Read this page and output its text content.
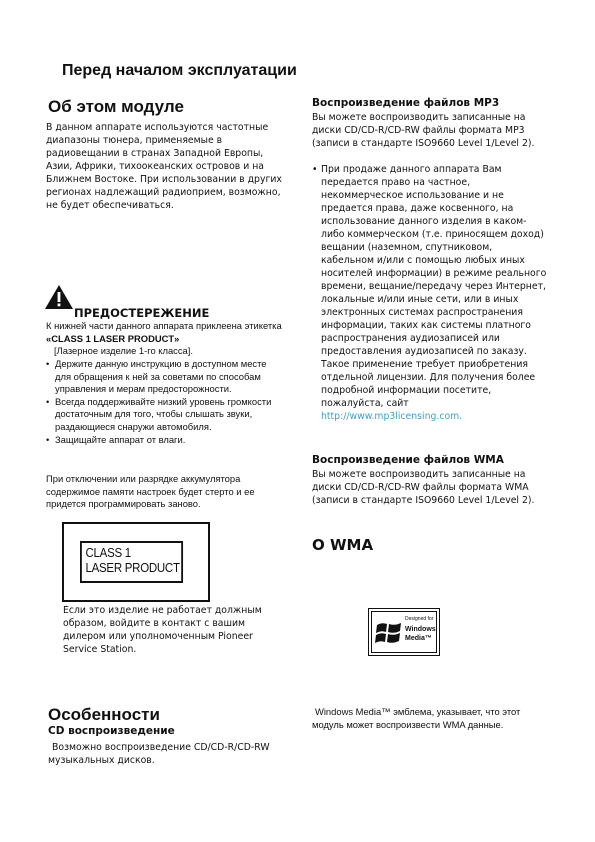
Перед началом эксплуатации
Об этом модуле
В данном аппарате используются частотные диапазоны тюнера, применяемые в радиовещании в странах Западной Европы, Азии, Африки, тихоокеанских островов и на Ближнем Востоке. При использовании в других регионах надлежащий радиоприем, возможно, не будет обеспечиваться.
ПРЕДОСТЕРЕЖЕНИЕ
К нижней части данного аппарата приклеена этикетка «CLASS 1 LASER PRODUCT»
[Лазерное изделие 1-го класса].
• Держите данную инструкцию в доступном месте для обращения к ней за советами по способам управления и мерам предосторожности.
• Всегда поддерживайте низкий уровень громкости достаточным для того, чтобы слышать звуки, раздающиеся снаружи автомобиля.
• Защищайте аппарат от влаги.
При отключении или разрядке аккумулятора содержимое памяти настроек будет стерто и ее придется программировать заново.
CLASS 1
LASER PRODUCT
Если это изделие не работает должным образом, войдите в контакт с вашим дилером или уполномоченным Pioneer Service Station.
Особенности
CD воспроизведение
Возможно воспроизведение CD/CD-R/CD-RW музыкальных дисков.
Воспроизведение файлов MP3
Вы можете воспроизводить записанные на диски CD/CD-R/CD-RW файлы формата MP3 (записи в стандарте ISO9660 Level 1/Level 2).
• При продаже данного аппарата Вам передается право на частное, некоммерческое использование и не предается права, даже косвенного, на использование данного изделия в каком-либо коммерческом (т.е. приносящем доход) вещании (наземном, спутниковом, кабельном и/или с помощью любых иных носителей информации) в режиме реального времени, вещание/передачу через Интернет, локальные и/или иные сети, или в иных электронных системах распространения информации, таких как системы платного распространения аудиозаписей или предоставления аудиозаписей по заказу. Такое применение требует приобретения отдельной лицензии. Для получения более подробной информации посетите, пожалуйста, сайт
http://www.mp3licensing.com.
Воспроизведение файлов WMA
Вы можете воспроизводить записанные на диски CD/CD-R/CD-RW файлы формата WMA (записи в стандарте ISO9660 Level 1/Level 2).
О WMA
Designed for
Windows
Media™
Windows Media™ эмблема, указывает, что этот модуль может воспроизвести WMA данные.
